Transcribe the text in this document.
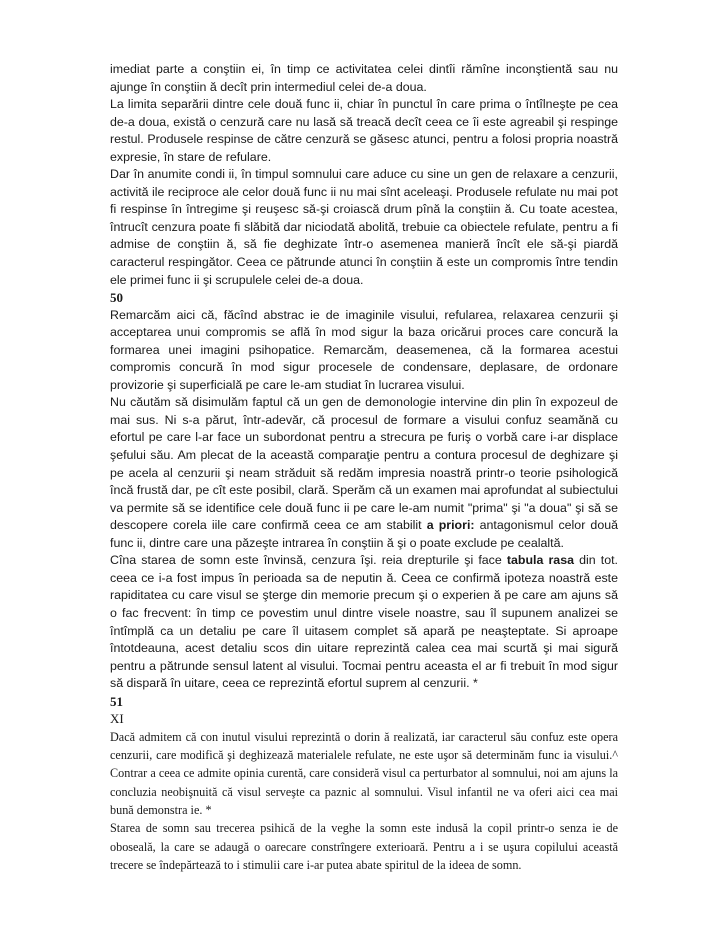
imediat parte a conştiin ei, în timp ce activitatea celei dintîi rămîne inconştientă sau nu ajunge în conştiin ă decît prin intermediul celei de-a doua.

La limita separării dintre cele două func ii, chiar în punctul în care prima o întîlneşte pe cea de-a doua, există o cenzură care nu lasă să treacă decît ceea ce îi este agreabil şi respinge restul. Produsele respinse de către cenzură se găsesc atunci, pentru a folosi propria noastră expresie, în stare de refulare.

Dar în anumite condi ii, în timpul somnului care aduce cu sine un gen de relaxare a cenzurii, activită ile reciproce ale celor două func ii nu mai sînt aceleaşi. Produsele refulate nu mai pot fi respinse în întregime şi reuşesc să-şi croiască drum pînă la conştiin ă. Cu toate acestea, întrucît cenzura poate fi slăbită dar niciodată abolită, trebuie ca obiectele refulate, pentru a fi admise de conştiin ă, să fie deghizate într-o asemenea manieră încît ele să-şi piardă caracterul respingător. Ceea ce pătrunde atunci în conştiin ă este un compromis între tendin ele primei func ii şi scrupulele celei de-a doua.

50

Remarcăm aici că, făcînd abstrac ie de imaginile visului, refularea, relaxarea cenzurii şi acceptarea unui compromis se află în mod sigur la baza oricărui proces care concură la formarea unei imagini psihopatice. Remarcăm, deasemenea, că la formarea acestui compromis concură în mod sigur procesele de condensare, deplasare, de ordonare provizorie şi superficială pe care le-am studiat în lucrarea visului.

Nu căutăm să disimulăm faptul că un gen de demonologie intervine din plin în expozeul de mai sus. Ni s-a părut, într-adevăr, că procesul de formare a visului confuz seamănă cu efortul pe care l-ar face un subordonat pentru a strecura pe furiş o vorbă care i-ar displace şefului său. Am plecat de la această comparaţie pentru a contura procesul de deghizare şi pe acela al cenzurii şi neam străduit să redăm impresia noastră printr-o teorie psihologică încă frustă dar, pe cît este posibil, clară. Sperăm că un examen mai aprofundat al subiectului va permite să se identifice cele două func ii pe care le-am numit "prima" şi "a doua" şi să se descopere corela iile care confirmă ceea ce am stabilit a priori: antagonismul celor două func ii, dintre care una păzeşte intrarea în conştiin ă şi o poate exclude pe cealaltă.

Cîna starea de somn este învinsă, cenzura îşi. reia drepturile şi face tabula rasa din tot. ceea ce i-a fost impus în perioada sa de neputin ă. Ceea ce confirmă ipoteza noastră este rapiditatea cu care visul se şterge din memorie precum şi o experien ă pe care am ajuns să o fac frecvent: în timp ce povestim unul dintre visele noastre, sau îl supunem analizei se întîmplă ca un detaliu pe care îl uitasem complet să apară pe neaşteptate. Si aproape întotdeauna, acest detaliu scos din uitare reprezintă calea cea mai scurtă şi mai sigură pentru a pătrunde sensul latent al visului. Tocmai pentru aceasta el ar fi trebuit în mod sigur să dispară în uitare, ceea ce reprezintă efortul suprem al cenzurii. *

51
XI

Dacă admitem că con inutul visului reprezintă o dorin ă realizată, iar caracterul său confuz este opera cenzurii, care modifică şi deghizează materialele refulate, ne este uşor să determinăm func ia visului.^ Contrar a ceea ce admite opinia curentă, care consideră visul ca perturbator al somnului, noi am ajuns la concluzia neobişnuită că visul serveşte ca paznic al somnului. Visul infantil ne va oferi aici cea mai bună demonstra ie. *

Starea de somn sau trecerea psihică de la veghe la somn este indusă la copil printr-o senza ie de oboseală, la care se adaugă o oarecare constrîngere exterioară. Pentru a i se uşura copilului această trecere se îndepărtează to i stimulii care i-ar putea abate spiritul de la ideea de somn.
